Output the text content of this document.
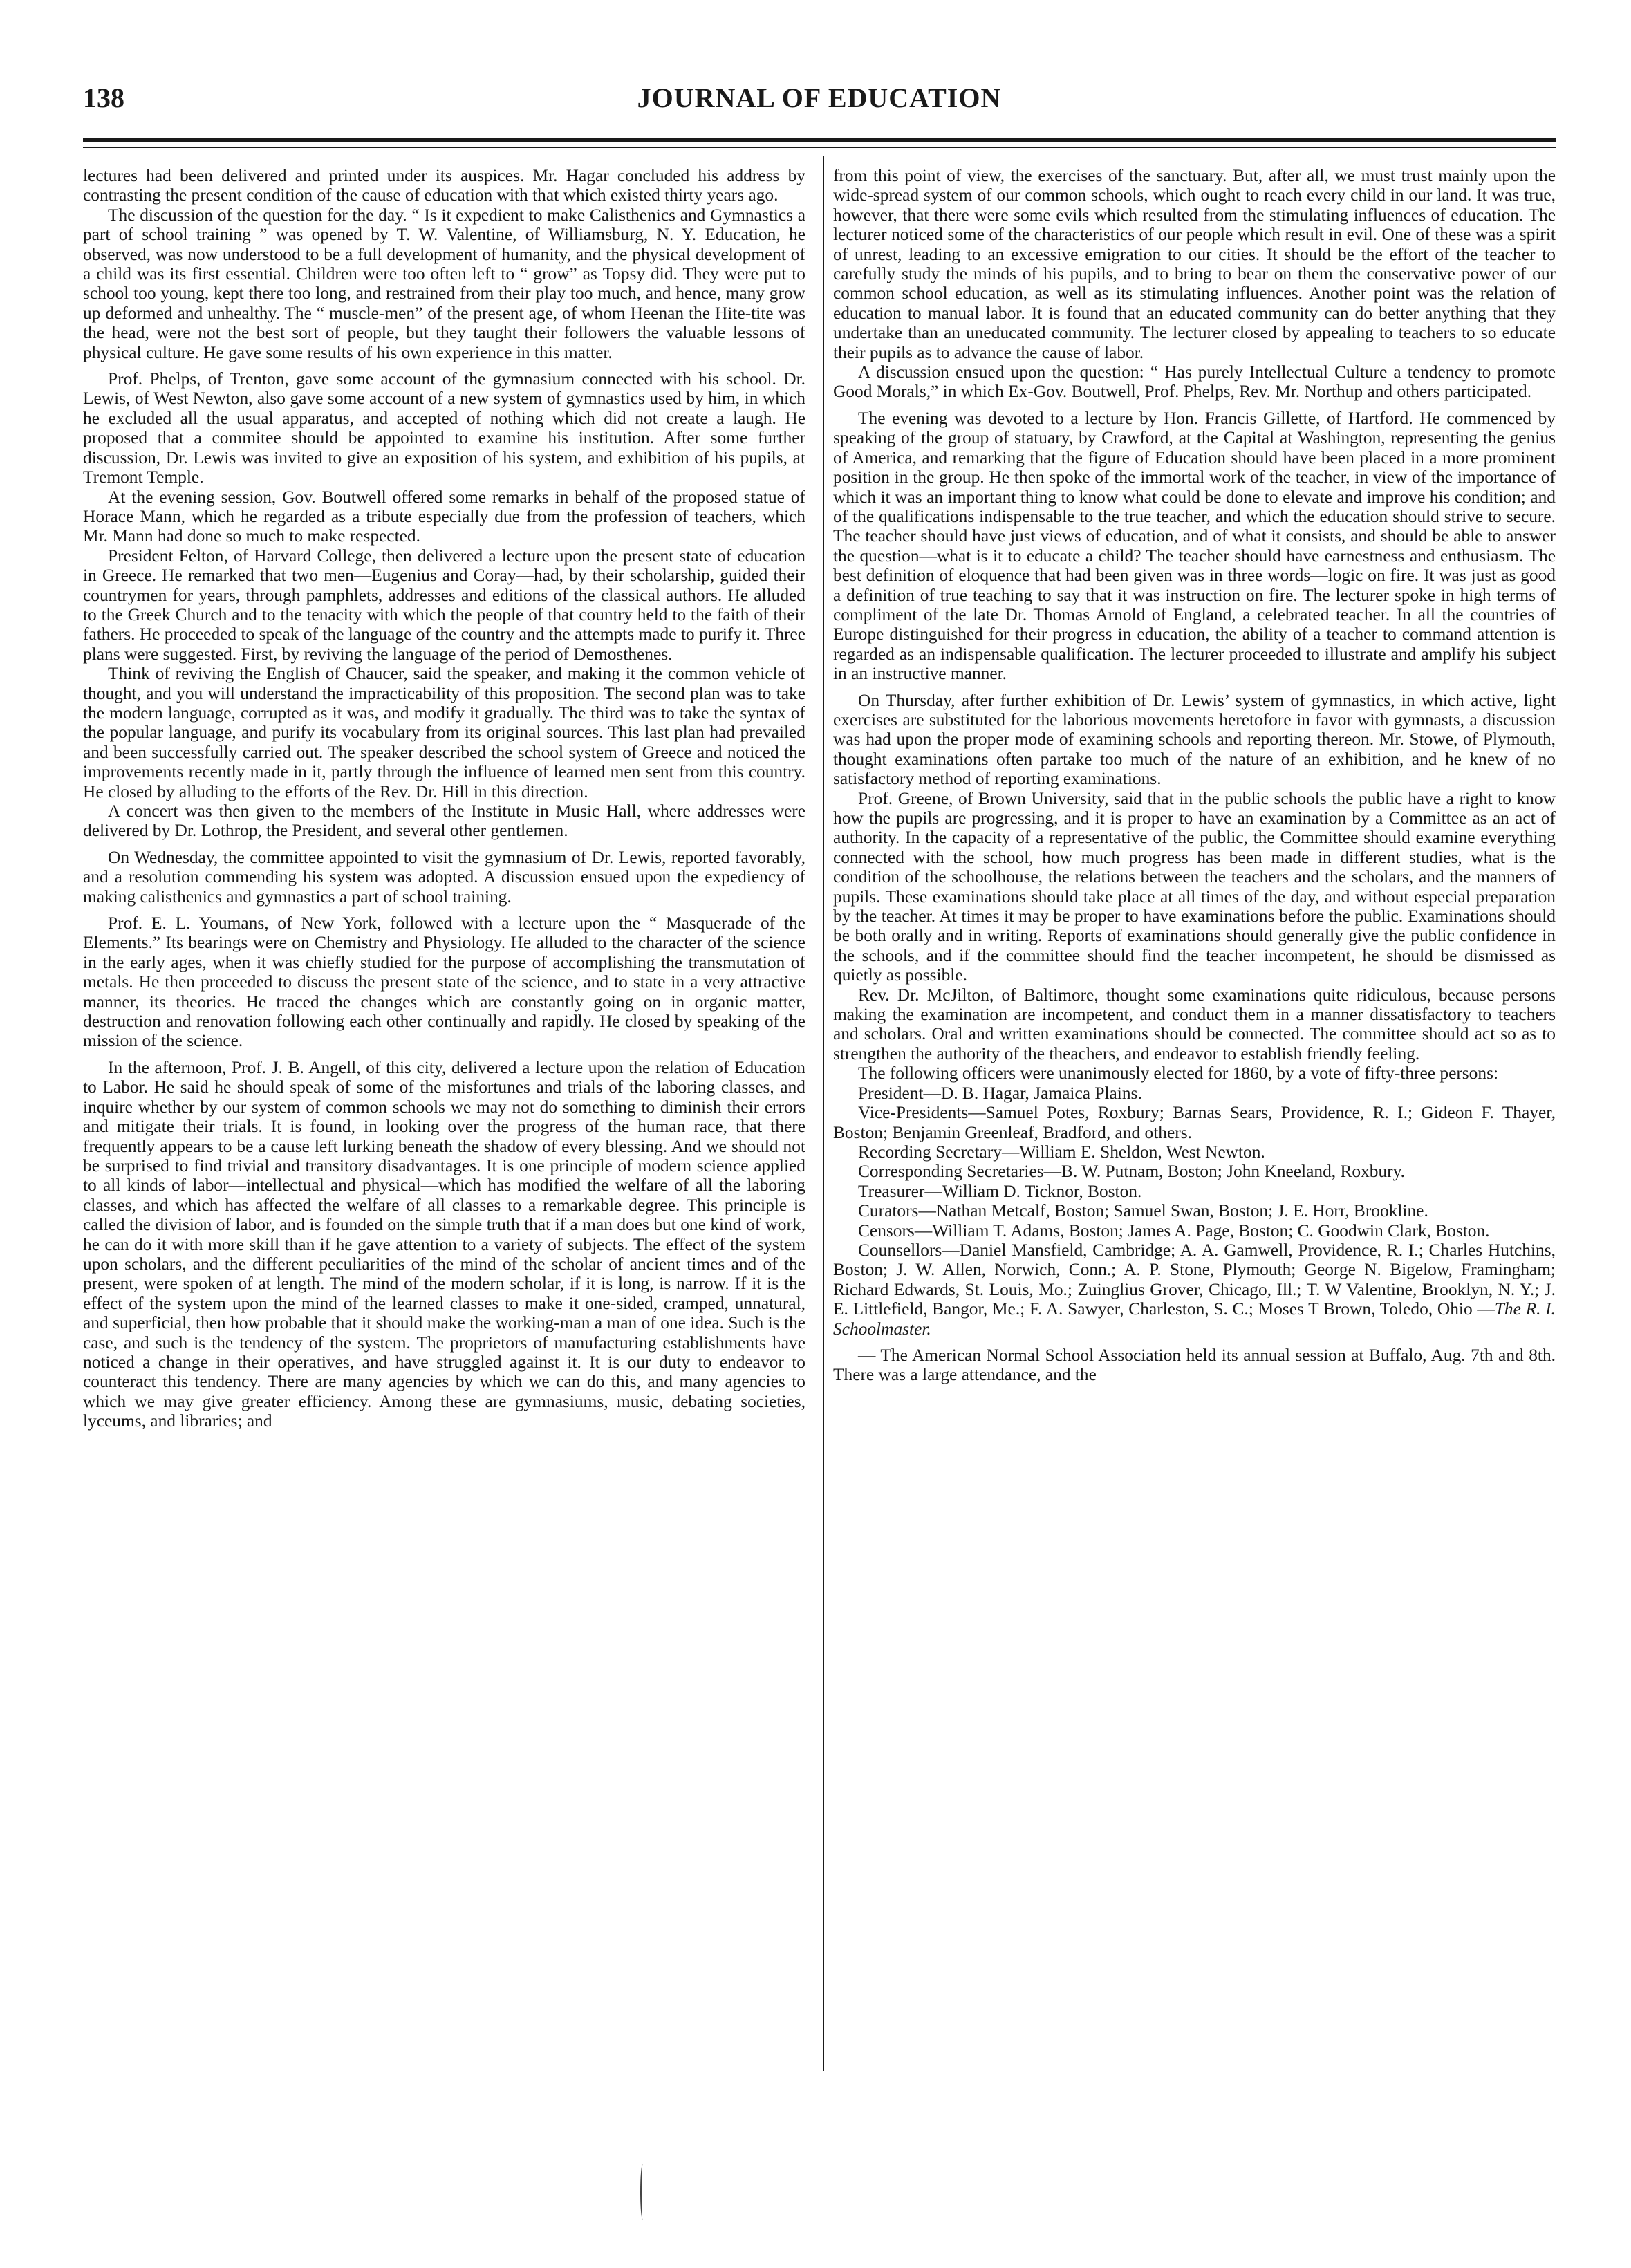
138	JOURNAL OF EDUCATION

lectures had been delivered and printed under its auspices. Mr. Hagar concluded his address by contrasting the present condition of the cause of education with that which existed thirty years ago.

The discussion of the question for the day. “ Is it expedient to make Calisthenics and Gymnastics a part of school training ” was opened by T. W. Valentine, of Williamsburg, N. Y. Education, he observed, was now understood to be a full development of humanity, and the physical development of a child was its first essential. Children were too often left to “ grow” as Topsy did. They were put to school too young, kept there too long, and restrained from their play too much, and hence, many grow up deformed and unhealthy. The “ muscle-men” of the present age, of whom Heenan the Hite-tite was the head, were not the best sort of people, but they taught their followers the valuable lessons of physical culture. He gave some results of his own experience in this matter.

Prof. Phelps, of Trenton, gave some account of the gymnasium connected with his school. Dr. Lewis, of West Newton, also gave some account of a new system of gymnastics used by him, in which he excluded all the usual apparatus, and accepted of nothing which did not create a laugh. He proposed that a commitee should be appointed to examine his institution. After some further discussion, Dr. Lewis was invited to give an exposition of his system, and exhibition of his pupils, at Tremont Temple.

At the evening session, Gov. Boutwell offered some remarks in behalf of the proposed statue of Horace Mann, which he regarded as a tribute especially due from the profession of teachers, which Mr. Mann had done so much to make respected.

President Felton, of Harvard College, then delivered a lecture upon the present state of education in Greece. He remarked that two men—Eugenius and Coray—had, by their scholarship, guided their countrymen for years, through pamphlets, addresses and editions of the classical authors. He alluded to the Greek Church and to the tenacity with which the people of that country held to the faith of their fathers. He proceeded to speak of the language of the country and the attempts made to purify it. Three plans were suggested. First, by reviving the language of the period of Demosthenes.

Think of reviving the English of Chaucer, said the speaker, and making it the common vehicle of thought, and you will understand the impracticability of this proposition. The second plan was to take the modern language, corrupted as it was, and modify it gradually. The third was to take the syntax of the popular language, and purify its vocabulary from its original sources. This last plan had prevailed and been successfully carried out. The speaker described the school system of Greece and noticed the improvements recently made in it, partly through the influence of learned men sent from this country. He closed by alluding to the efforts of the Rev. Dr. Hill in this direction.

A concert was then given to the members of the Institute in Music Hall, where addresses were delivered by Dr. Lothrop, the President, and several other gentlemen.

On Wednesday, the committee appointed to visit the gymnasium of Dr. Lewis, reported favorably, and a resolution commending his system was adopted. A discussion ensued upon the expediency of making calisthenics and gymnastics a part of school training.

Prof. E. L. Youmans, of New York, followed with a lecture upon the “ Masquerade of the Elements.” Its bearings were on Chemistry and Physiology. He alluded to the character of the science in the early ages, when it was chiefly studied for the purpose of accomplishing the transmutation of metals. He then proceeded to discuss the present state of the science, and to state in a very attractive manner, its theories. He traced the changes which are constantly going on in organic matter, destruction and renovation following each other continually and rapidly. He closed by speaking of the mission of the science.

In the afternoon, Prof. J. B. Angell, of this city, delivered a lecture upon the relation of Education to Labor. He said he should speak of some of the misfortunes and trials of the laboring classes, and inquire whether by our system of common schools we may not do something to diminish their errors and mitigate their trials. It is found, in looking over the progress of the human race, that there frequently appears to be a cause left lurking beneath the shadow of every blessing. And we should not be surprised to find trivial and transitory disadvantages. It is one principle of modern science applied to all kinds of labor—intellectual and physical—which has modified the welfare of all the laboring classes, and which has affected the welfare of all classes to a remarkable degree. This principle is called the division of labor, and is founded on the simple truth that if a man does but one kind of work, he can do it with more skill than if he gave attention to a variety of subjects. The effect of the system upon scholars, and the different peculiarities of the mind of the scholar of ancient times and of the present, were spoken of at length. The mind of the modern scholar, if it is long, is narrow. If it is the effect of the system upon the mind of the learned classes to make it one-sided, cramped, unnatural, and superficial, then how probable that it should make the working-man a man of one idea. Such is the case, and such is the tendency of the system. The proprietors of manufacturing establishments have noticed a change in their operatives, and have struggled against it. It is our duty to endeavor to counteract this tendency. There are many agencies by which we can do this, and many agencies to which we may give greater efficiency. Among these are gymnasiums, music, debating societies, lyceums, and libraries; and

from this point of view, the exercises of the sanctuary. But, after all, we must trust mainly upon the wide-spread system of our common schools, which ought to reach every child in our land. It was true, however, that there were some evils which resulted from the stimulating influences of education. The lecturer noticed some of the characteristics of our people which result in evil. One of these was a spirit of unrest, leading to an excessive emigration to our cities. It should be the effort of the teacher to carefully study the minds of his pupils, and to bring to bear on them the conservative power of our common school education, as well as its stimulating influences. Another point was the relation of education to manual labor. It is found that an educated community can do better anything that they undertake than an uneducated community. The lecturer closed by appealing to teachers to so educate their pupils as to advance the cause of labor.

A discussion ensued upon the question: “ Has purely Intellectual Culture a tendency to promote Good Morals,” in which Ex-Gov. Boutwell, Prof. Phelps, Rev. Mr. Northup and others participated.

The evening was devoted to a lecture by Hon. Francis Gillette, of Hartford. He commenced by speaking of the group of statuary, by Crawford, at the Capital at Washington, representing the genius of America, and remarking that the figure of Education should have been placed in a more prominent position in the group. He then spoke of the immortal work of the teacher, in view of the importance of which it was an important thing to know what could be done to elevate and improve his condition; and of the qualifications indispensable to the true teacher, and which the education should strive to secure. The teacher should have just views of education, and of what it consists, and should be able to answer the question—what is it to educate a child? The teacher should have earnestness and enthusiasm. The best definition of eloquence that had been given was in three words—logic on fire. It was just as good a definition of true teaching to say that it was instruction on fire. The lecturer spoke in high terms of compliment of the late Dr. Thomas Arnold of England, a celebrated teacher. In all the countries of Europe distinguished for their progress in education, the ability of a teacher to command attention is regarded as an indispensable qualification. The lecturer proceeded to illustrate and amplify his subject in an instructive manner.

On Thursday, after further exhibition of Dr. Lewis’ system of gymnastics, in which active, light exercises are substituted for the laborious movements heretofore in favor with gymnasts, a discussion was had upon the proper mode of examining schools and reporting thereon. Mr. Stowe, of Plymouth, thought examinations often partake too much of the nature of an exhibition, and he knew of no satisfactory method of reporting examinations.

Prof. Greene, of Brown University, said that in the public schools the public have a right to know how the pupils are progressing, and it is proper to have an examination by a Committee as an act of authority. In the capacity of a representative of the public, the Committee should examine everything connected with the school, how much progress has been made in different studies, what is the condition of the schoolhouse, the relations between the teachers and the scholars, and the manners of pupils. These examinations should take place at all times of the day, and without especial preparation by the teacher. At times it may be proper to have examinations before the public. Examinations should be both orally and in writing. Reports of examinations should generally give the public confidence in the schools, and if the committee should find the teacher incompetent, he should be dismissed as quietly as possible.

Rev. Dr. McJilton, of Baltimore, thought some examinations quite ridiculous, because persons making the examination are incompetent, and conduct them in a manner dissatisfactory to teachers and scholars. Oral and written examinations should be connected. The committee should act so as to strengthen the authority of the theachers, and endeavor to establish friendly feeling.

The following officers were unanimously elected for 1860, by a vote of fifty-three persons:

President—D. B. Hagar, Jamaica Plains.

Vice-Presidents—Samuel Potes, Roxbury; Barnas Sears, Providence, R. I.; Gideon F. Thayer, Boston; Benjamin Greenleaf, Bradford, and others.

Recording Secretary—William E. Sheldon, West Newton.

Corresponding Secretaries—B. W. Putnam, Boston; John Kneeland, Roxbury.

Treasurer—William D. Ticknor, Boston.

Curators—Nathan Metcalf, Boston; Samuel Swan, Boston; J. E. Horr, Brookline.

Censors—William T. Adams, Boston; James A. Page, Boston; C. Goodwin Clark, Boston.

Counsellors—Daniel Mansfield, Cambridge; A. A. Gamwell, Providence, R. I.; Charles Hutchins, Boston; J. W. Allen, Norwich, Conn.; A. P. Stone, Plymouth; George N. Bigelow, Framingham; Richard Edwards, St. Louis, Mo.; Zuinglius Grover, Chicago, Ill.; T. W Valentine, Brooklyn, N. Y.; J. E. Littlefield, Bangor, Me.; F. A. Sawyer, Charleston, S. C.; Moses T Brown, Toledo, Ohio —The R. I. Schoolmaster.

— The American Normal School Association held its annual session at Buffalo, Aug. 7th and 8th. There was a large attendance, and the
